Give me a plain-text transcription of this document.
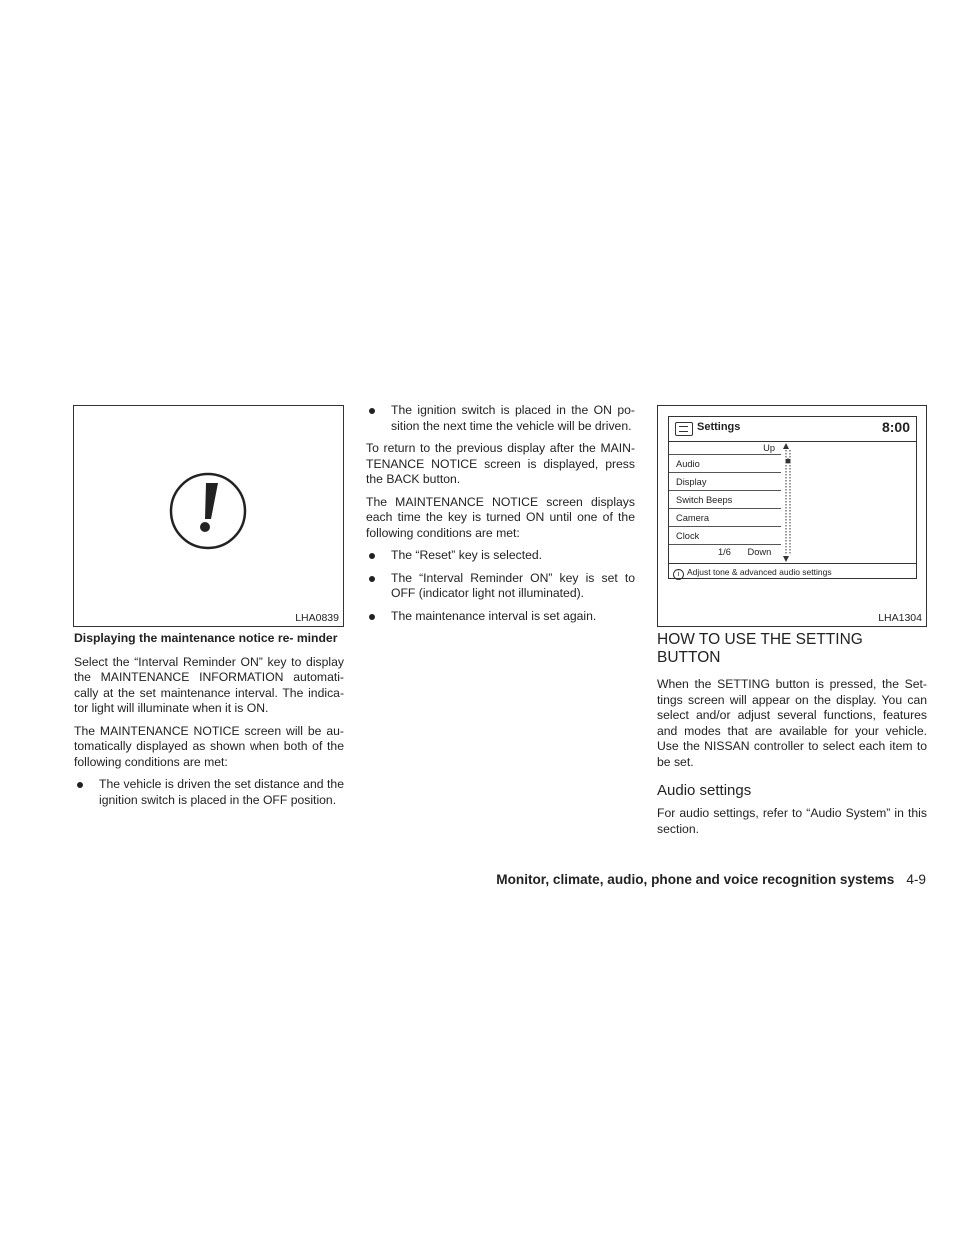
LHA0839
Displaying the maintenance notice re- minder

Select the “Interval Reminder ON” key to display the MAINTENANCE INFORMATION automati- cally at the set maintenance interval. The indica- tor light will illuminate when it is ON.

The MAINTENANCE NOTICE screen will be au- tomatically displayed as shown when both of the following conditions are met:

The vehicle is driven the set distance and the ignition switch is placed in the OFF position.
The ignition switch is placed in the ON po- sition the next time the vehicle will be driven.

To return to the previous display after the MAIN- TENANCE NOTICE screen is displayed, press the BACK button.

The MAINTENANCE NOTICE screen displays each time the key is turned ON until one of the following conditions are met:

The “Reset” key is selected.
The “Interval Reminder ON” key is set to OFF (indicator light not illuminated).
The maintenance interval is set again.
Settings	8:00
Up
Audio
Display
Switch Beeps
Camera
Clock
1/6 Down
i Adjust tone & advanced audio settings
LHA1304
HOW TO USE THE SETTING BUTTON

When the SETTING button is pressed, the Set- tings screen will appear on the display. You can select and/or adjust several functions, features and modes that are available for your vehicle. Use the NISSAN controller to select each item to be set.

Audio settings

For audio settings, refer to “Audio System” in this section.

Monitor, climate, audio, phone and voice recognition systems 4-9
